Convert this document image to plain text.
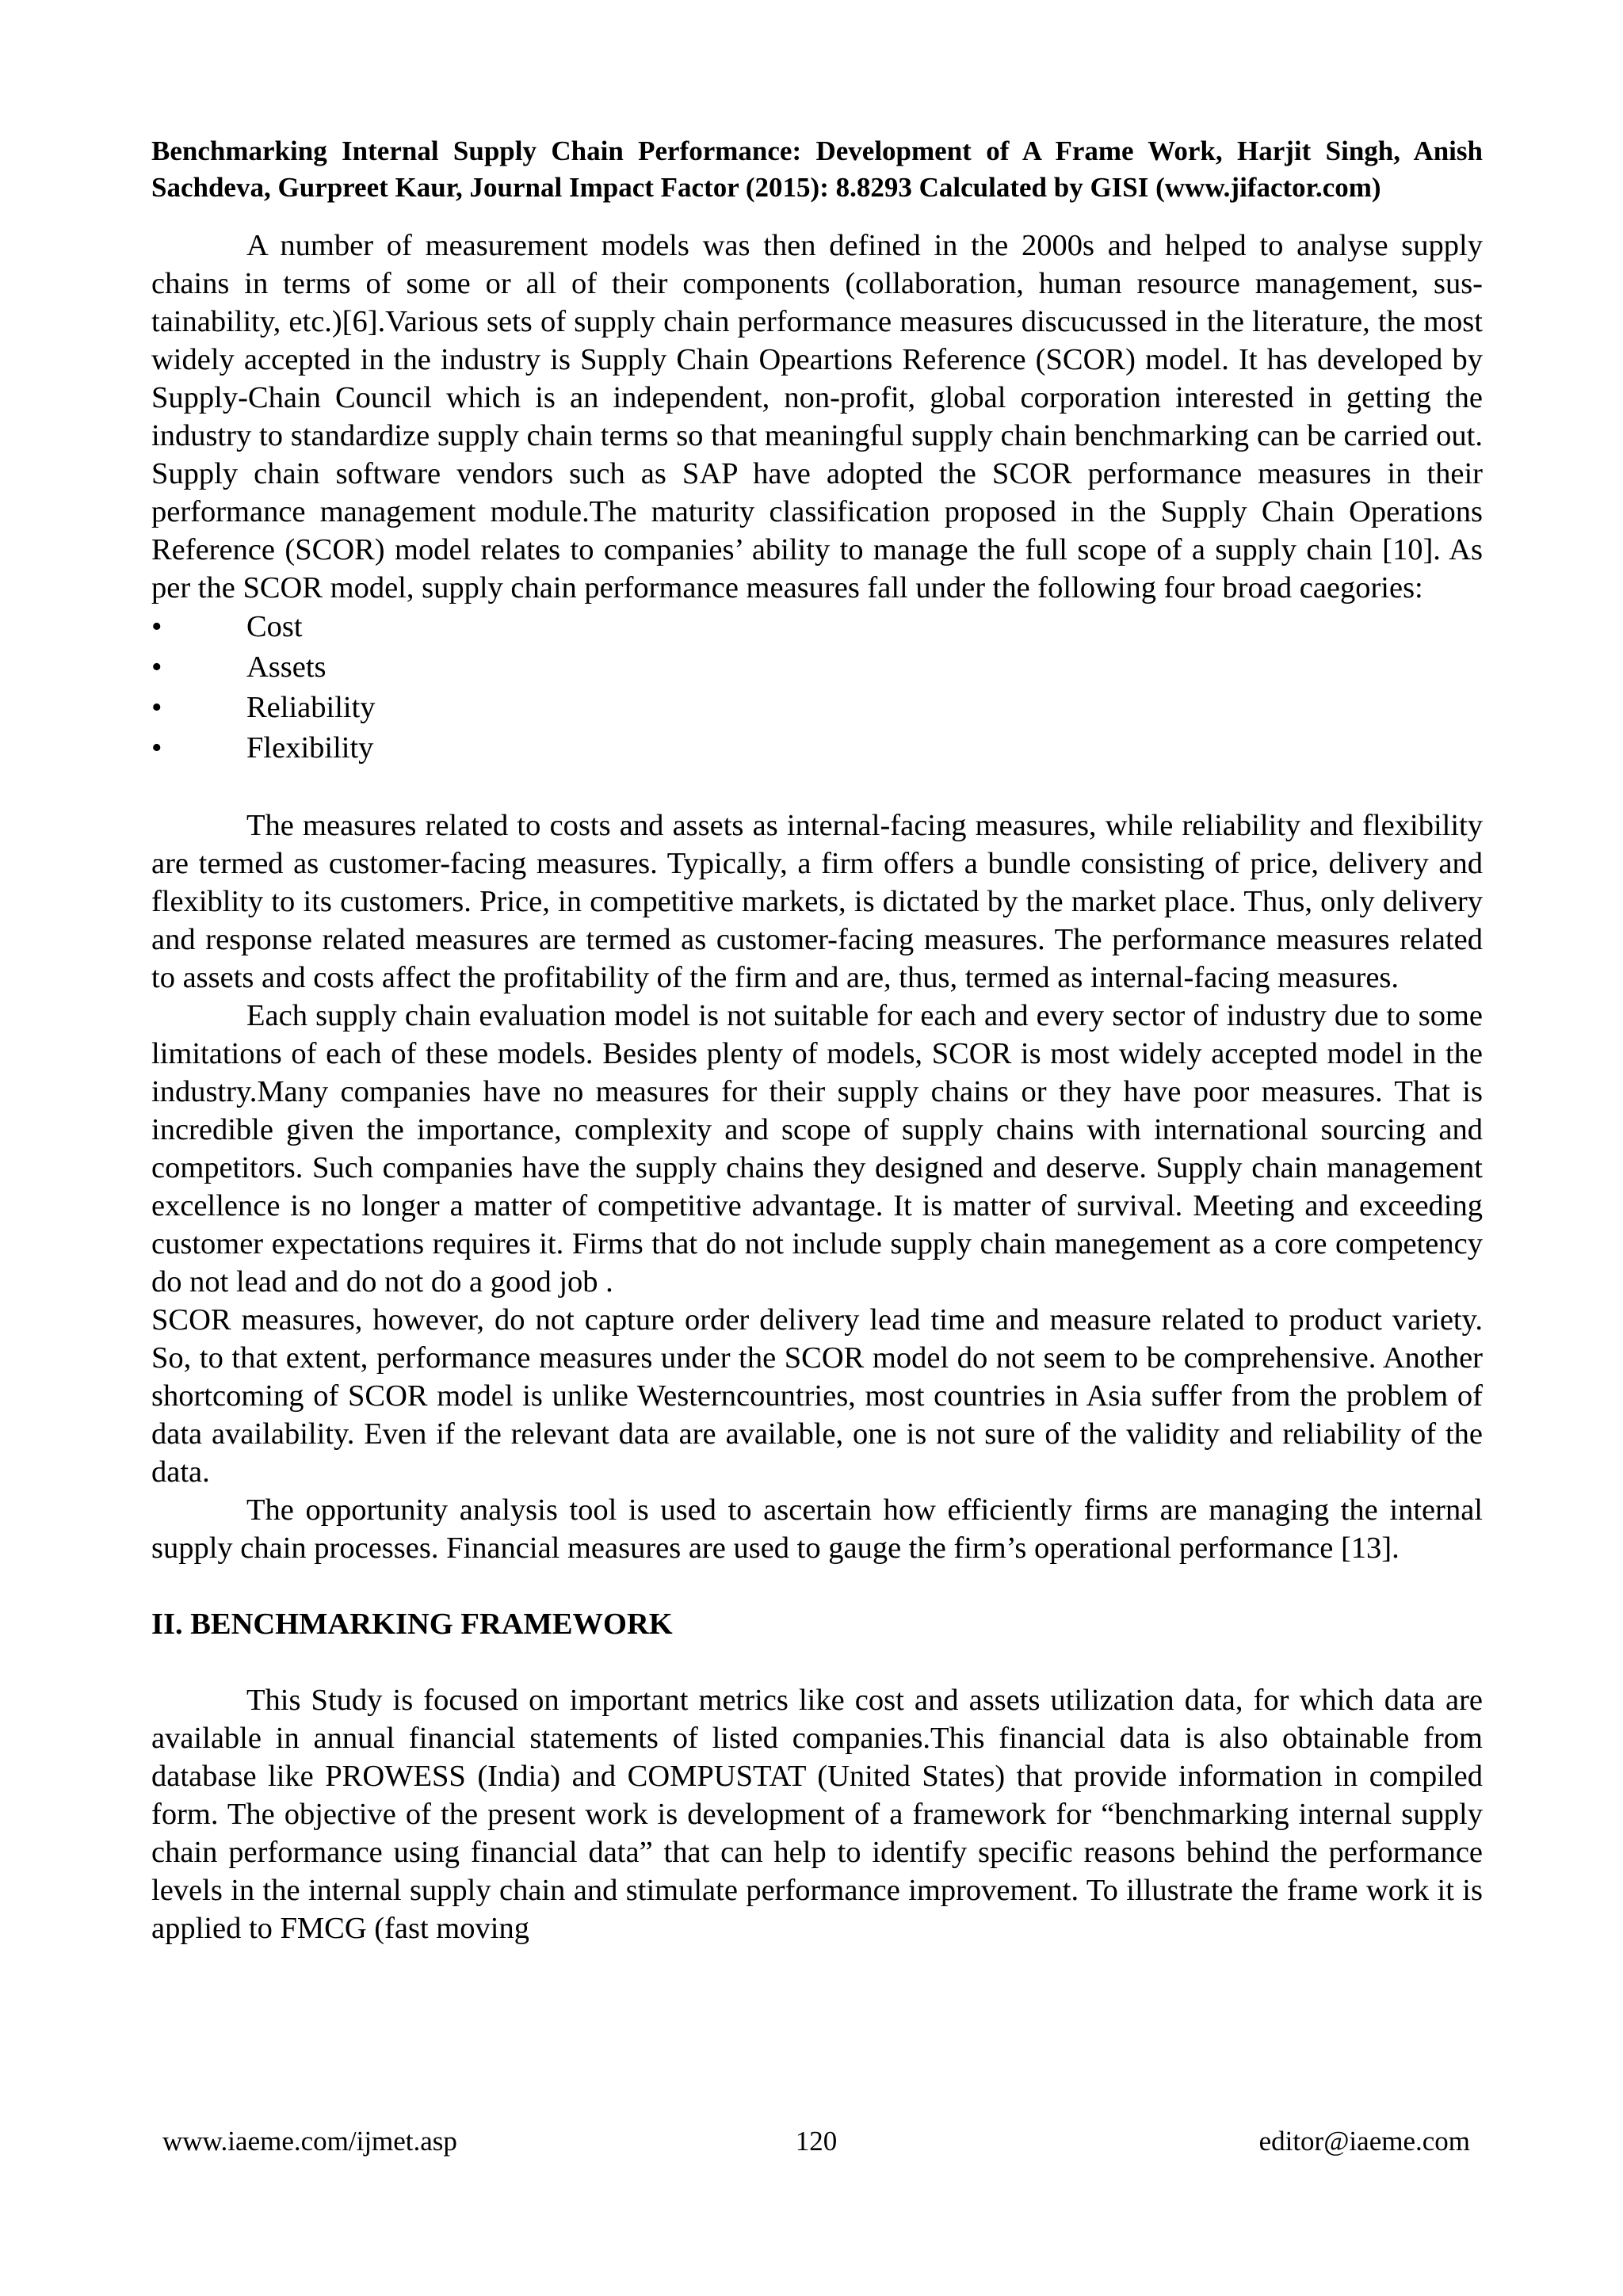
Benchmarking Internal Supply Chain Performance: Development of A Frame Work, Harjit Singh, Anish Sachdeva, Gurpreet Kaur, Journal Impact Factor (2015): 8.8293 Calculated by GISI (www.jifactor.com)

A number of measurement models was then defined in the 2000s and helped to analyse supply chains in terms of some or all of their components (collaboration, human resource management, sus- tainability, etc.)[6].Various sets of supply chain performance measures discucussed in the literature, the most widely accepted in the industry is Supply Chain Opeartions Reference (SCOR) model. It has developed by Supply-Chain Council which is an independent, non-profit, global corporation interested in getting the industry to standardize supply chain terms so that meaningful supply chain benchmarking can be carried out. Supply chain software vendors such as SAP have adopted the SCOR performance measures in their performance management module.The maturity classification proposed in the Supply Chain Operations Reference (SCOR) model relates to companies’ ability to manage the full scope of a supply chain [10]. As per the SCOR model, supply chain performance measures fall under the following four broad caegories:

•	Cost
•	Assets
•	Reliability
•	Flexibility

The measures related to costs and assets as internal-facing measures, while reliability and flexibility are termed as customer-facing measures. Typically, a firm offers a bundle consisting of price, delivery and flexiblity to its customers. Price, in competitive markets, is dictated by the market place. Thus, only delivery and response related measures are termed as customer-facing measures. The performance measures related to assets and costs affect the profitability of the firm and are, thus, termed as internal-facing measures.

Each supply chain evaluation model is not suitable for each and every sector of industry due to some limitations of each of these models. Besides plenty of models, SCOR is most widely accepted model in the industry.Many companies have no measures for their supply chains or they have poor measures. That is incredible given the importance, complexity and scope of supply chains with international sourcing and competitors. Such companies have the supply chains they designed and deserve. Supply chain management excellence is no longer a matter of competitive advantage. It is matter of survival. Meeting and exceeding customer expectations requires it. Firms that do not include supply chain manegement as a core competency do not lead and do not do a good job .

SCOR measures, however, do not capture order delivery lead time and measure related to product variety. So, to that extent, performance measures under the SCOR model do not seem to be comprehensive. Another shortcoming of SCOR model is unlike Westerncountries, most countries in Asia suffer from the problem of data availability. Even if the relevant data are available, one is not sure of the validity and reliability of the data.

The opportunity analysis tool is used to ascertain how efficiently firms are managing the internal supply chain processes. Financial measures are used to gauge the firm’s operational performance [13].

II. BENCHMARKING FRAMEWORK

This Study is focused on important metrics like cost and assets utilization data, for which data are available in annual financial statements of listed companies.This financial data is also obtainable from database like PROWESS (India) and COMPUSTAT (United States) that provide information in compiled form. The objective of the present work is development of a framework for “benchmarking internal supply chain performance using financial data” that can help to identify specific reasons behind the performance levels in the internal supply chain and stimulate performance improvement. To illustrate the frame work it is applied to FMCG (fast moving

www.iaeme.com/ijmet.asp	120	editor@iaeme.com
